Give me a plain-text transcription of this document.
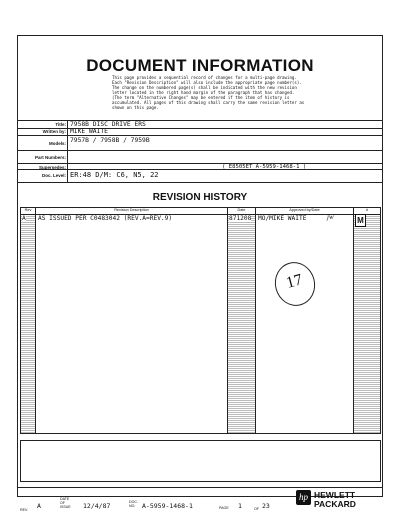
DOCUMENT INFORMATION
This page provides a sequential record of changes for a multi-page drawing.
Each "Revision Description" will also include the appropriate page number(s).
The change on the numbered page(s) shall be indicated with the new revision
letter located in the right hand margin of the paragraph that has changed.
(The term "Alternative Changes" may be entered if the item of history is
accumulated. All pages of this drawing shall carry the same revision letter as
shown on this page.
Title: 7958B DISC DRIVE ERS
Written by: MIKE WAITE
Models: 7957B / 7958B / 7959B
Part Numbers:
Supersedes:	( E8505ET A-5959-1468-1 )
Doc. Level: ER:48 D/M: C6, N5, 22
REVISION HISTORY
Rev	Revision Description	Date	Approved by/Date	#
A AS ISSUED PER C0483042 (REV.A=REV.9)	871208 MO/MIKE WAITE	jw	M
17
REV. A
DATE
OF
ISSUE 12/4/87	DOC.
NO.	A-5959-1468-1	PAGE 1	OF 23
hp HEWLETT
PACKARD
